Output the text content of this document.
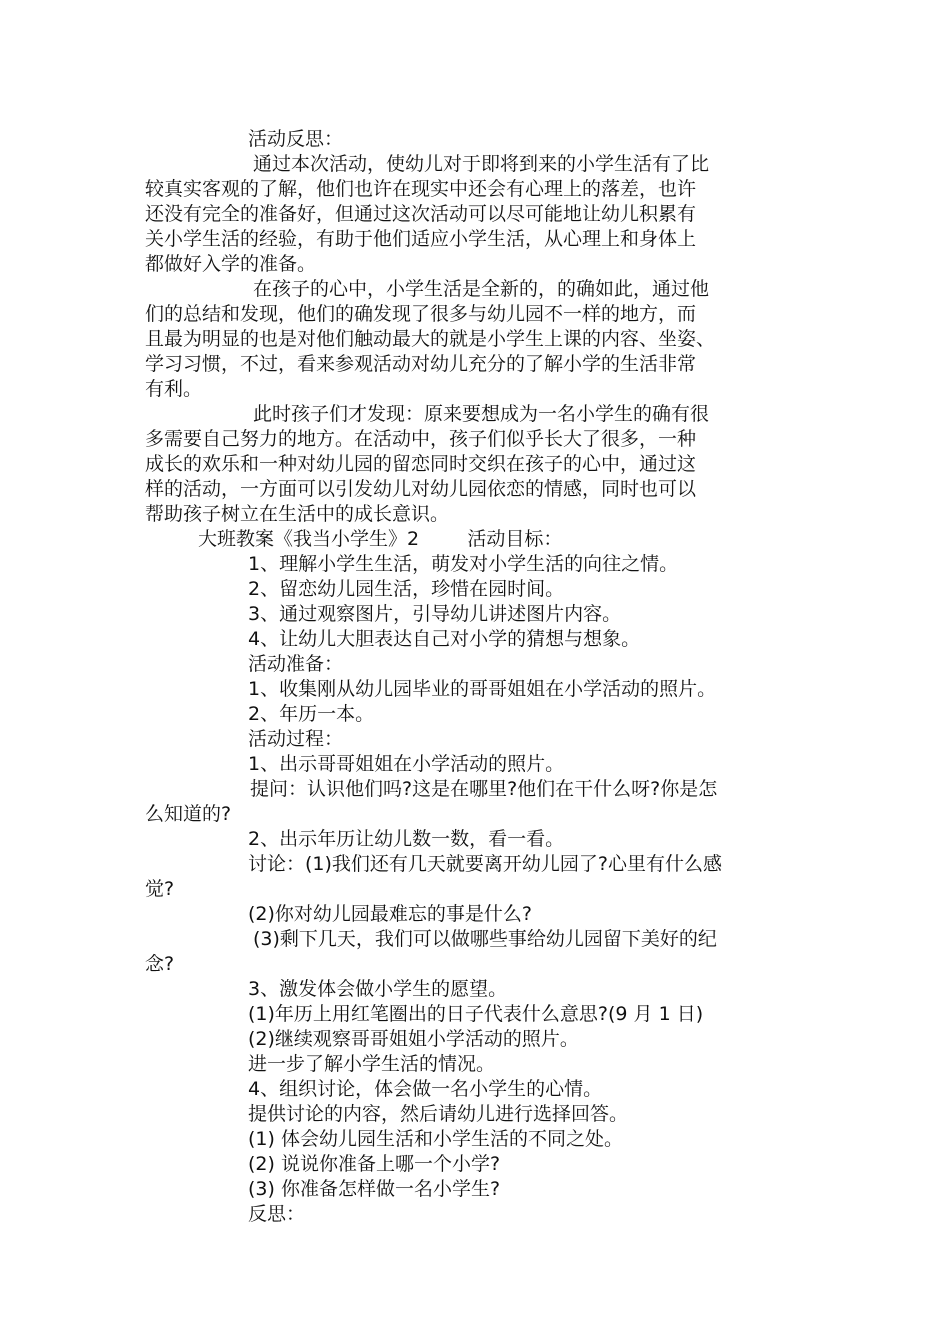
活动反思：
通过本次活动，使幼儿对于即将到来的小学生活有了比
较真实客观的了解，他们也许在现实中还会有心理上的落差，也许
还没有完全的准备好，但通过这次活动可以尽可能地让幼儿积累有
关小学生活的经验，有助于他们适应小学生活，从心理上和身体上
都做好入学的准备。
在孩子的心中，小学生活是全新的，的确如此，通过他
们的总结和发现，他们的确发现了很多与幼儿园不一样的地方，而
且最为明显的也是对他们触动最大的就是小学生上课的内容、坐姿、
学习习惯，不过，看来参观活动对幼儿充分的了解小学的生活非常
有利。
此时孩子们才发现：原来要想成为一名小学生的确有很
多需要自己努力的地方。在活动中，孩子们似乎长大了很多，一种
成长的欢乐和一种对幼儿园的留恋同时交织在孩子的心中，通过这
样的活动，一方面可以引发幼儿对幼儿园依恋的情感，同时也可以
帮助孩子树立在生活中的成长意识。
大班教案《我当小学生》2        活动目标：
1、理解小学生生活，萌发对小学生活的向往之情。
2、留恋幼儿园生活，珍惜在园时间。
3、通过观察图片，引导幼儿讲述图片内容。
4、让幼儿大胆表达自己对小学的猜想与想象。
活动准备：
1、收集刚从幼儿园毕业的哥哥姐姐在小学活动的照片。
2、年历一本。
活动过程：
1、出示哥哥姐姐在小学活动的照片。
提问：认识他们吗?这是在哪里?他们在干什么呀?你是怎
么知道的?
2、出示年历让幼儿数一数，看一看。
讨论：(1)我们还有几天就要离开幼儿园了?心里有什么感
觉?
(2)你对幼儿园最难忘的事是什么?
(3)剩下几天，我们可以做哪些事给幼儿园留下美好的纪
念?
3、激发体会做小学生的愿望。
(1)年历上用红笔圈出的日子代表什么意思?(9 月 1 日)
(2)继续观察哥哥姐姐小学活动的照片。
进一步了解小学生活的情况。
4、组织讨论，体会做一名小学生的心情。
提供讨论的内容，然后请幼儿进行选择回答。
(1) 体会幼儿园生活和小学生活的不同之处。
(2) 说说你准备上哪一个小学?
(3) 你准备怎样做一名小学生?
反思：
